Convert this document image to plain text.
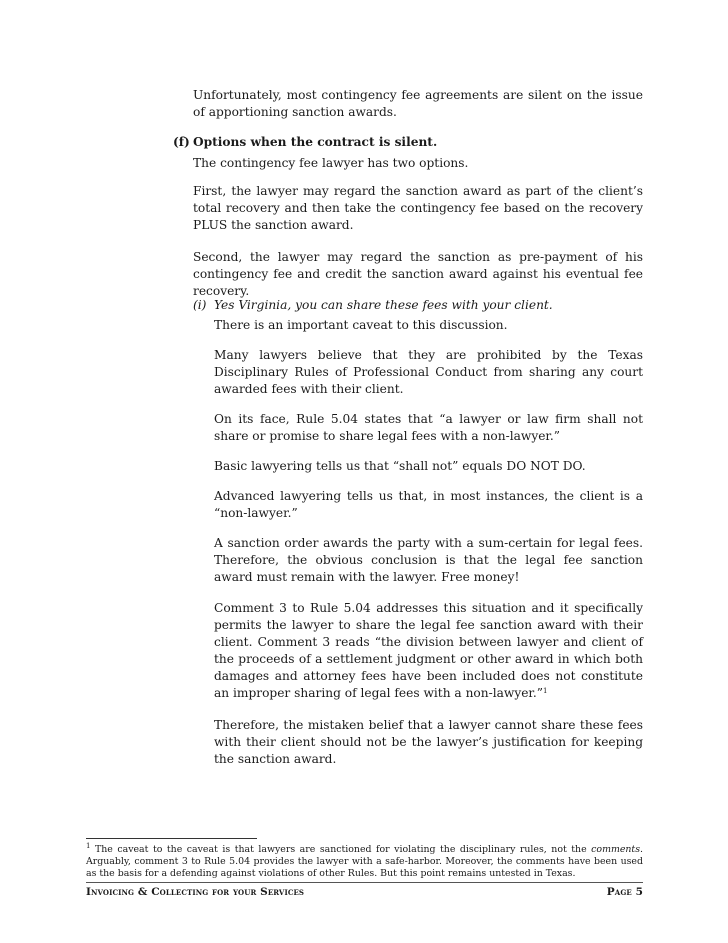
Unfortunately, most contingency fee agreements are silent on the issue of apportioning sanction awards.

(f) Options when the contract is silent.

The contingency fee lawyer has two options.

First, the lawyer may regard the sanction award as part of the client’s total recovery and then take the contingency fee based on the recovery PLUS the sanction award.

Second, the lawyer may regard the sanction as pre-payment of his contingency fee and credit the sanction award against his eventual fee recovery.

(i) Yes Virginia, you can share these fees with your client.

There is an important caveat to this discussion.

Many lawyers believe that they are prohibited by the Texas Disciplinary Rules of Professional Conduct from sharing any court awarded fees with their client.

On its face, Rule 5.04 states that “a lawyer or law firm shall not share or promise to share legal fees with a non-lawyer.”

Basic lawyering tells us that “shall not” equals DO NOT DO.

Advanced lawyering tells us that, in most instances, the client is a “non-lawyer.”

A sanction order awards the party with a sum-certain for legal fees. Therefore, the obvious conclusion is that the legal fee sanction award must remain with the lawyer. Free money!

Comment 3 to Rule 5.04 addresses this situation and it specifically permits the lawyer to share the legal fee sanction award with their client. Comment 3 reads “the division between lawyer and client of the proceeds of a settlement judgment or other award in which both damages and attorney fees have been included does not constitute an improper sharing of legal fees with a non-lawyer.”$^1$

Therefore, the mistaken belief that a lawyer cannot share these fees with their client should not be the lawyer’s justification for keeping the sanction award.

$^1$ The caveat to the caveat is that lawyers are sanctioned for violating the disciplinary rules, not the comments. Arguably, comment 3 to Rule 5.04 provides the lawyer with a safe-harbor. Moreover, the comments have been used as the basis for a defending against violations of other Rules. But this point remains untested in Texas.

Invoicing & Collecting for your Services	Page 5
